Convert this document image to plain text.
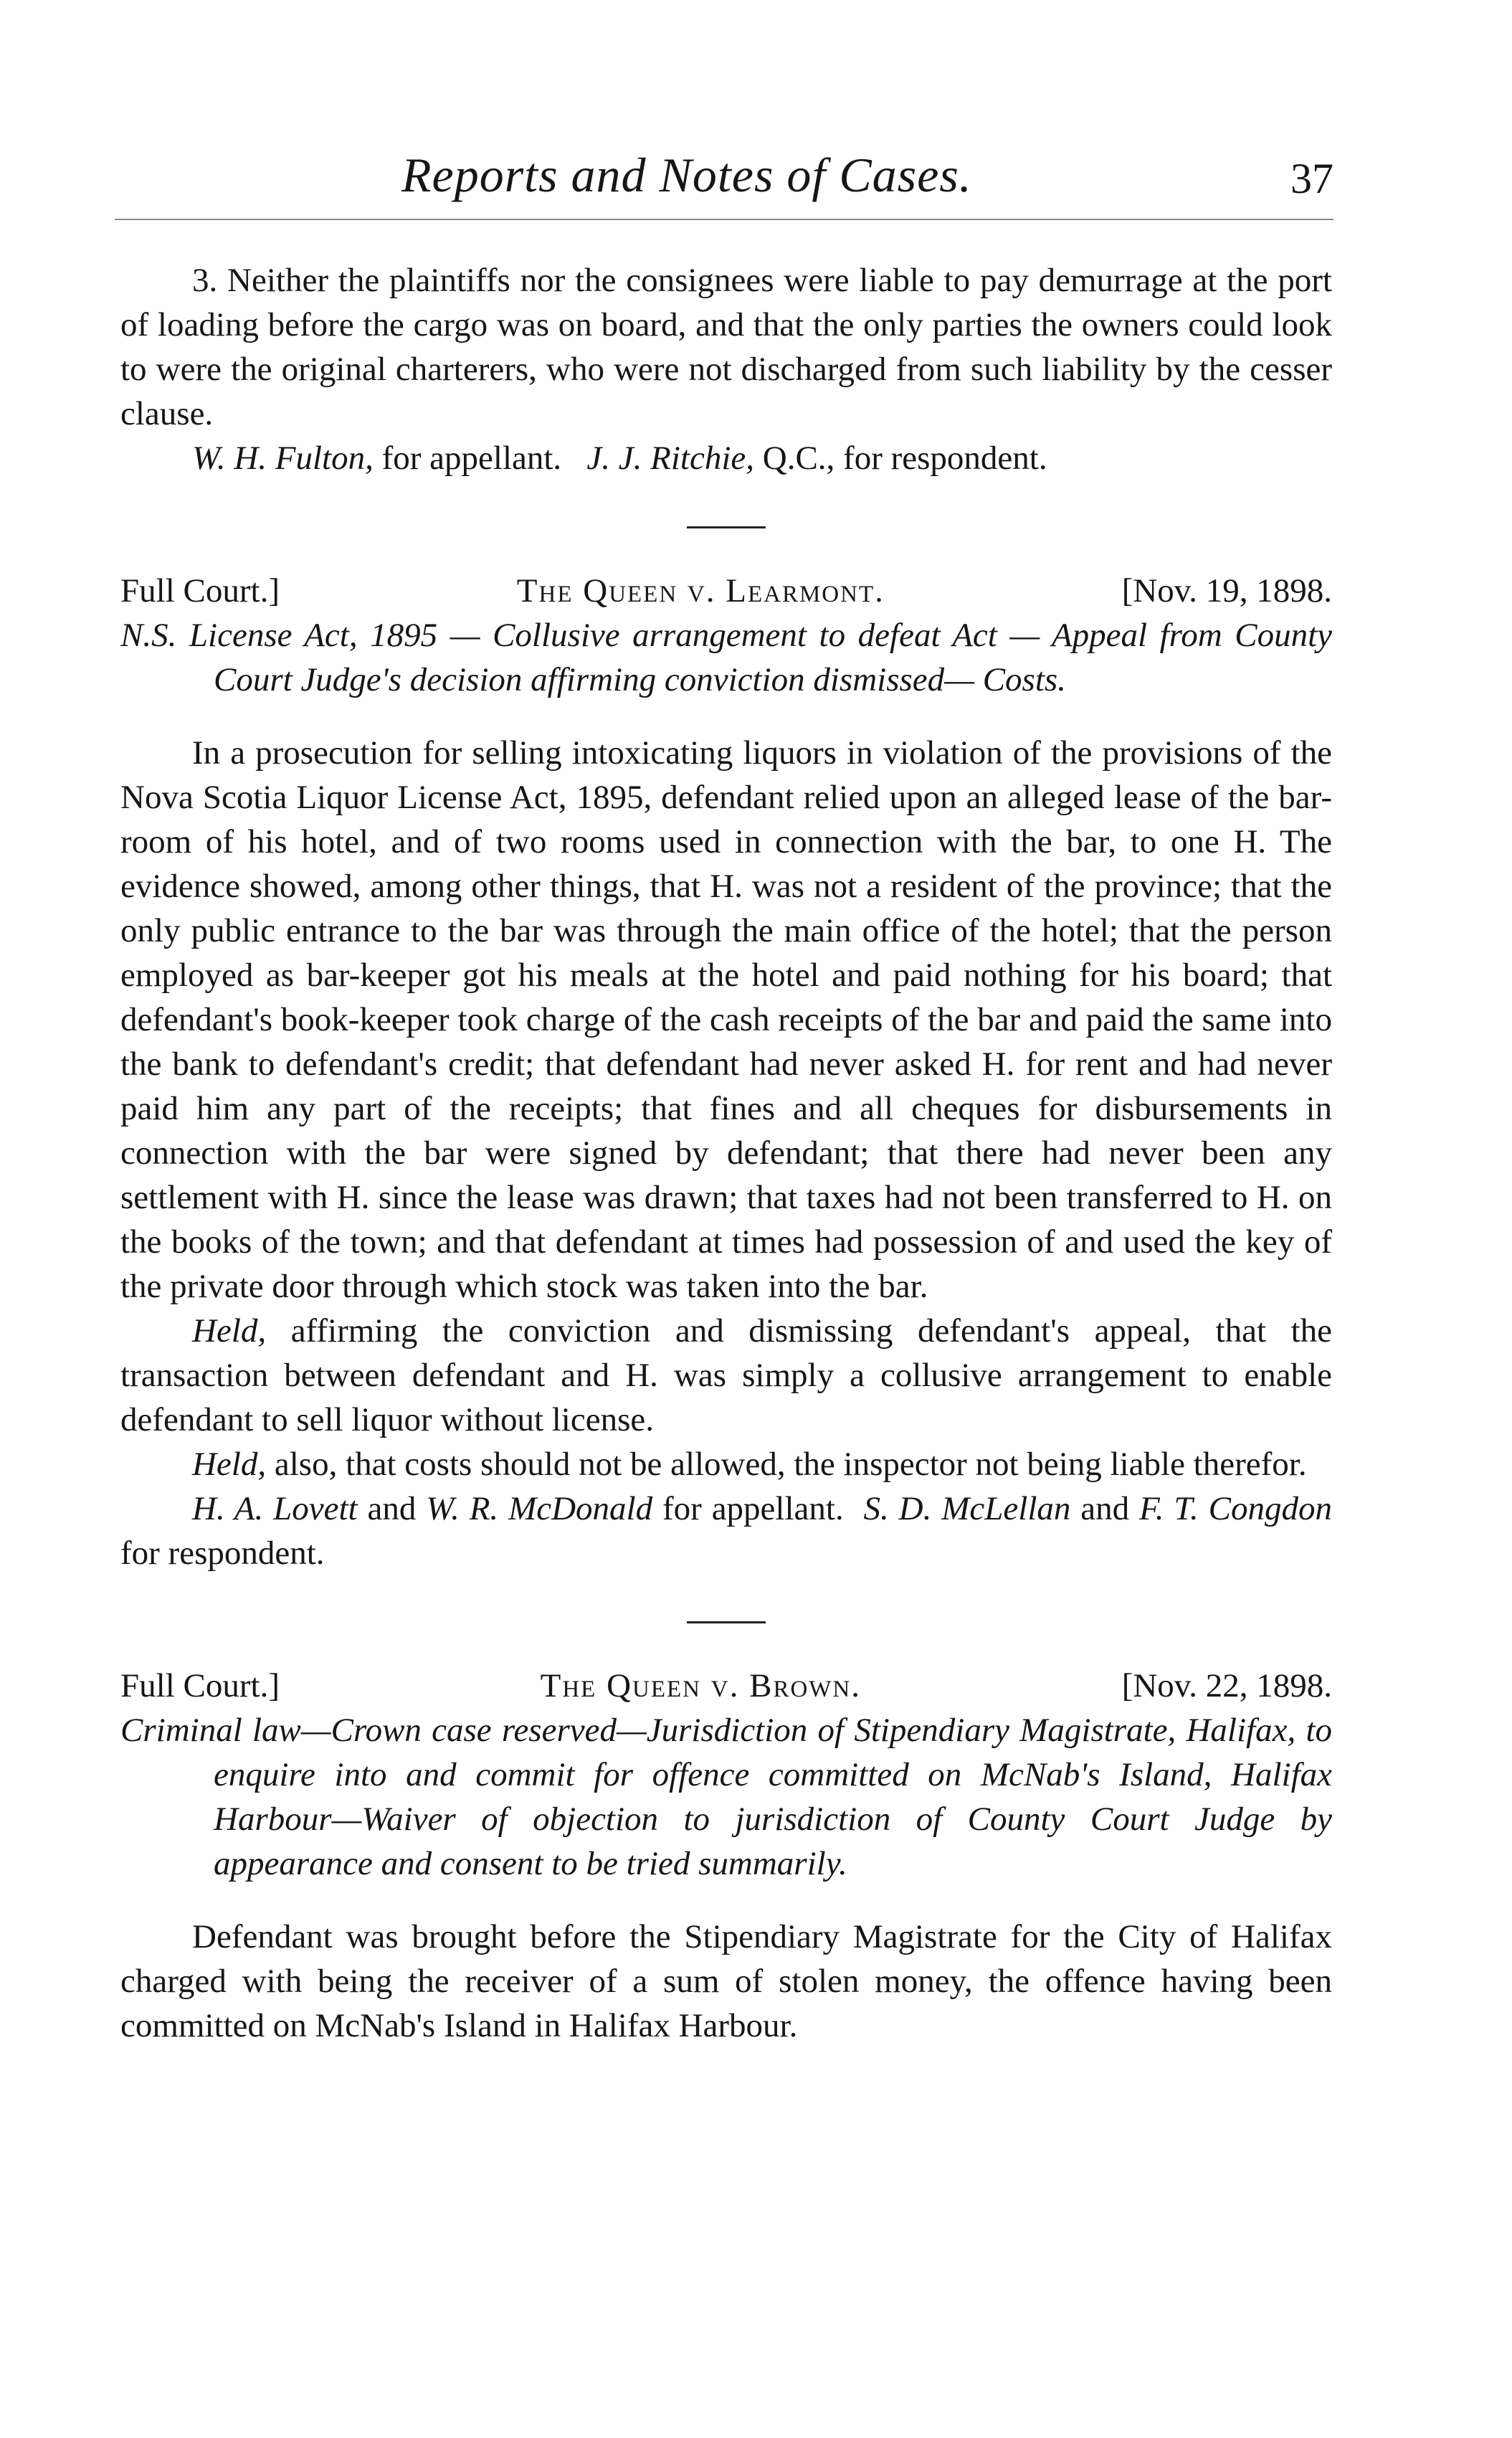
Reports and Notes of Cases.	37

3. Neither the plaintiffs nor the consignees were liable to pay demurrage at the port of loading before the cargo was on board, and that the only parties the owners could look to were the original charterers, who were not discharged from such liability by the cesser clause.

W. H. Fulton, for appellant. J. J. Ritchie, Q.C., for respondent.

Full Court.]	The Queen v. Learmont.	[Nov. 19, 1898.

N.S. License Act, 1895 — Collusive arrangement to defeat Act — Appeal from County Court Judge's decision affirming conviction dismissed— Costs.

In a prosecution for selling intoxicating liquors in violation of the provisions of the Nova Scotia Liquor License Act, 1895, defendant relied upon an alleged lease of the bar-room of his hotel, and of two rooms used in connection with the bar, to one H. The evidence showed, among other things, that H. was not a resident of the province; that the only public entrance to the bar was through the main office of the hotel; that the person employed as bar-keeper got his meals at the hotel and paid nothing for his board; that defendant's book-keeper took charge of the cash receipts of the bar and paid the same into the bank to defendant's credit; that defendant had never asked H. for rent and had never paid him any part of the receipts; that fines and all cheques for disbursements in connection with the bar were signed by defendant; that there had never been any settlement with H. since the lease was drawn; that taxes had not been transferred to H. on the books of the town; and that defendant at times had possession of and used the key of the private door through which stock was taken into the bar.

Held, affirming the conviction and dismissing defendant's appeal, that the transaction between defendant and H. was simply a collusive arrangement to enable defendant to sell liquor without license.

Held, also, that costs should not be allowed, the inspector not being liable therefor.

H. A. Lovett and W. R. McDonald for appellant.  S. D. McLellan and F. T. Congdon for respondent.

Full Court.]	The Queen v. Brown.	[Nov. 22, 1898.

Criminal law—Crown case reserved—Jurisdiction of Stipendiary Magistrate, Halifax, to enquire into and commit for offence committed on McNab's Island, Halifax Harbour—Waiver of objection to jurisdiction of County Court Judge by appearance and consent to be tried summarily.

Defendant was brought before the Stipendiary Magistrate for the City of Halifax charged with being the receiver of a sum of stolen money, the offence having been committed on McNab's Island in Halifax Harbour.
